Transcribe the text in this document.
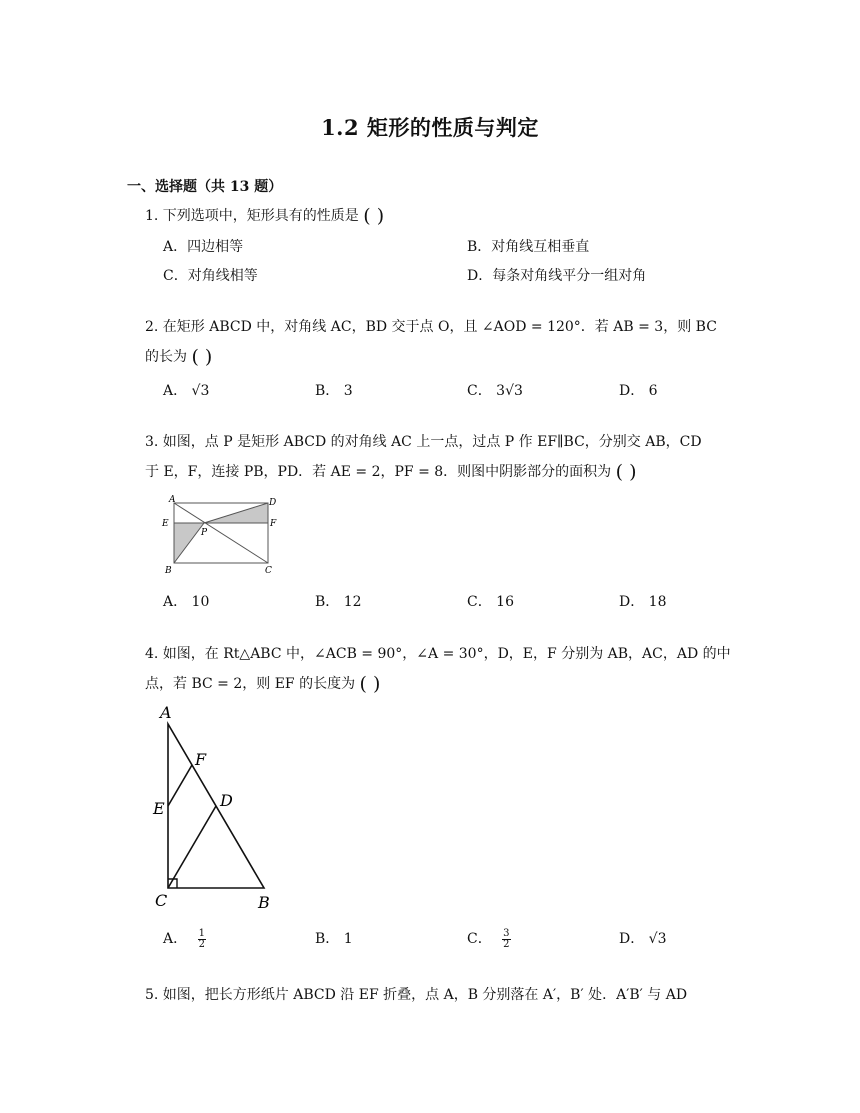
1.2 矩形的性质与判定
一、选择题（共 13 题）
1. 下列选项中，矩形具有的性质是 ( )
A．四边相等	B．对角线互相垂直
C．对角线相等	D．每条对角线平分一组对角
2. 在矩形 ABCD 中，对角线 AC，BD 交于点 O，且 ∠AOD = 120°．若 AB = 3，则 BC
的长为 ( )
A． √3	B． 3	C． 3√3	D． 6
3. 如图，点 P 是矩形 ABCD 的对角线 AC 上一点，过点 P 作 EF∥BC，分别交 AB，CD
于 E，F，连接 PB，PD．若 AE = 2，PF = 8．则图中阴影部分的面积为 ( )
A	D
E	F
P
B	C
A． 10	B． 12	C． 16	D． 18
4. 如图，在 Rt△ABC 中，∠ACB = 90°，∠A = 30°，D，E，F 分别为 AB，AC，AD 的中
点，若 BC = 2，则 EF 的长度为 ( )
A
F
D
E
C	B
A． $\frac{1}{2}$	B． 1	C． $\frac{3}{2}$	D． √3
5. 如图，把长方形纸片 ABCD 沿 EF 折叠，点 A，B 分别落在 A′，B′ 处．A′B′ 与 AD
